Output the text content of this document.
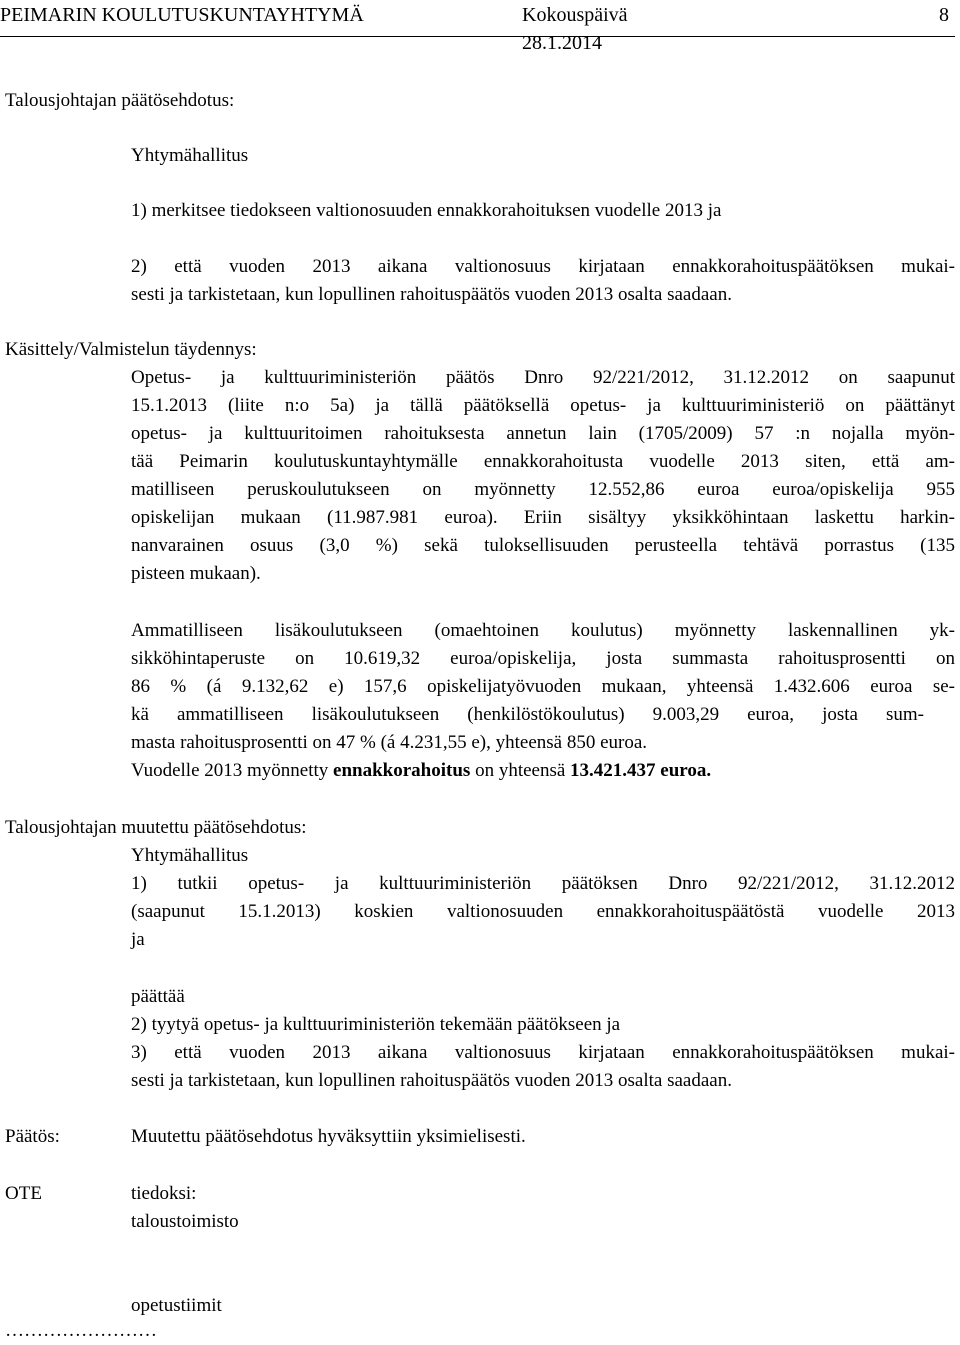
PEIMARIN KOULUTUSKUNTAYHTYMÄ	Kokouspäivä
28.1.2014
8
Talousjohtajan päätösehdotus:
Yhtymähallitus
1) merkitsee tiedokseen valtionosuuden ennakkorahoituksen vuodelle 2013 ja
2) että vuoden 2013 aikana valtionosuus kirjataan ennakkorahoituspäätöksen mukai-
sesti ja tarkistetaan, kun lopullinen rahoituspäätös vuoden 2013 osalta saadaan.
Käsittely/Valmistelun täydennys:
Opetus- ja kulttuuriministeriön päätös Dnro 92/221/2012, 31.12.2012 on saapunut
15.1.2013 (liite n:o 5a) ja tällä päätöksellä opetus- ja kulttuuriministeriö on päättänyt
opetus- ja kulttuuritoimen rahoituksesta annetun lain (1705/2009) 57 :n nojalla myön-
tää Peimarin koulutuskuntayhtymälle ennakkorahoitusta vuodelle 2013 siten, että am-
matilliseen peruskoulutukseen on myönnetty 12.552,86 euroa euroa/opiskelija 955
opiskelijan mukaan (11.987.981 euroa). Eriin sisältyy yksikköhintaan laskettu harkin-
nanvarainen osuus (3,0 %) sekä tuloksellisuuden perusteella tehtävä porrastus (135
pisteen mukaan).
Ammatilliseen lisäkoulutukseen (omaehtoinen koulutus) myönnetty laskennallinen yk-
sikköhintaperuste on 10.619,32 euroa/opiskelija, josta summasta rahoitusprosentti on
86 % (á 9.132,62 e) 157,6 opiskelijatyövuoden mukaan, yhteensä 1.432.606 euroa se-
kä ammatilliseen lisäkoulutukseen (henkilöstökoulutus) 9.003,29 euroa, josta sum-
masta rahoitusprosentti on 47 % (á 4.231,55 e), yhteensä 850 euroa.
Vuodelle 2013 myönnetty ennakkorahoitus on yhteensä 13.421.437 euroa.
Talousjohtajan muutettu päätösehdotus:
Yhtymähallitus
1) tutkii opetus- ja kulttuuriministeriön päätöksen Dnro 92/221/2012, 31.12.2012
(saapunut 15.1.2013) koskien valtionosuuden ennakkorahoituspäätöstä vuodelle 2013
ja
päättää
2) tyytyä opetus- ja kulttuuriministeriön tekemään päätökseen ja
3) että vuoden 2013 aikana valtionosuus kirjataan ennakkorahoituspäätöksen mukai-
sesti ja tarkistetaan, kun lopullinen rahoituspäätös vuoden 2013 osalta saadaan.
Päätös:	Muutettu päätösehdotus hyväksyttiin yksimielisesti.
OTE	tiedoksi:
taloustoimisto
opetustiimit
……………………
